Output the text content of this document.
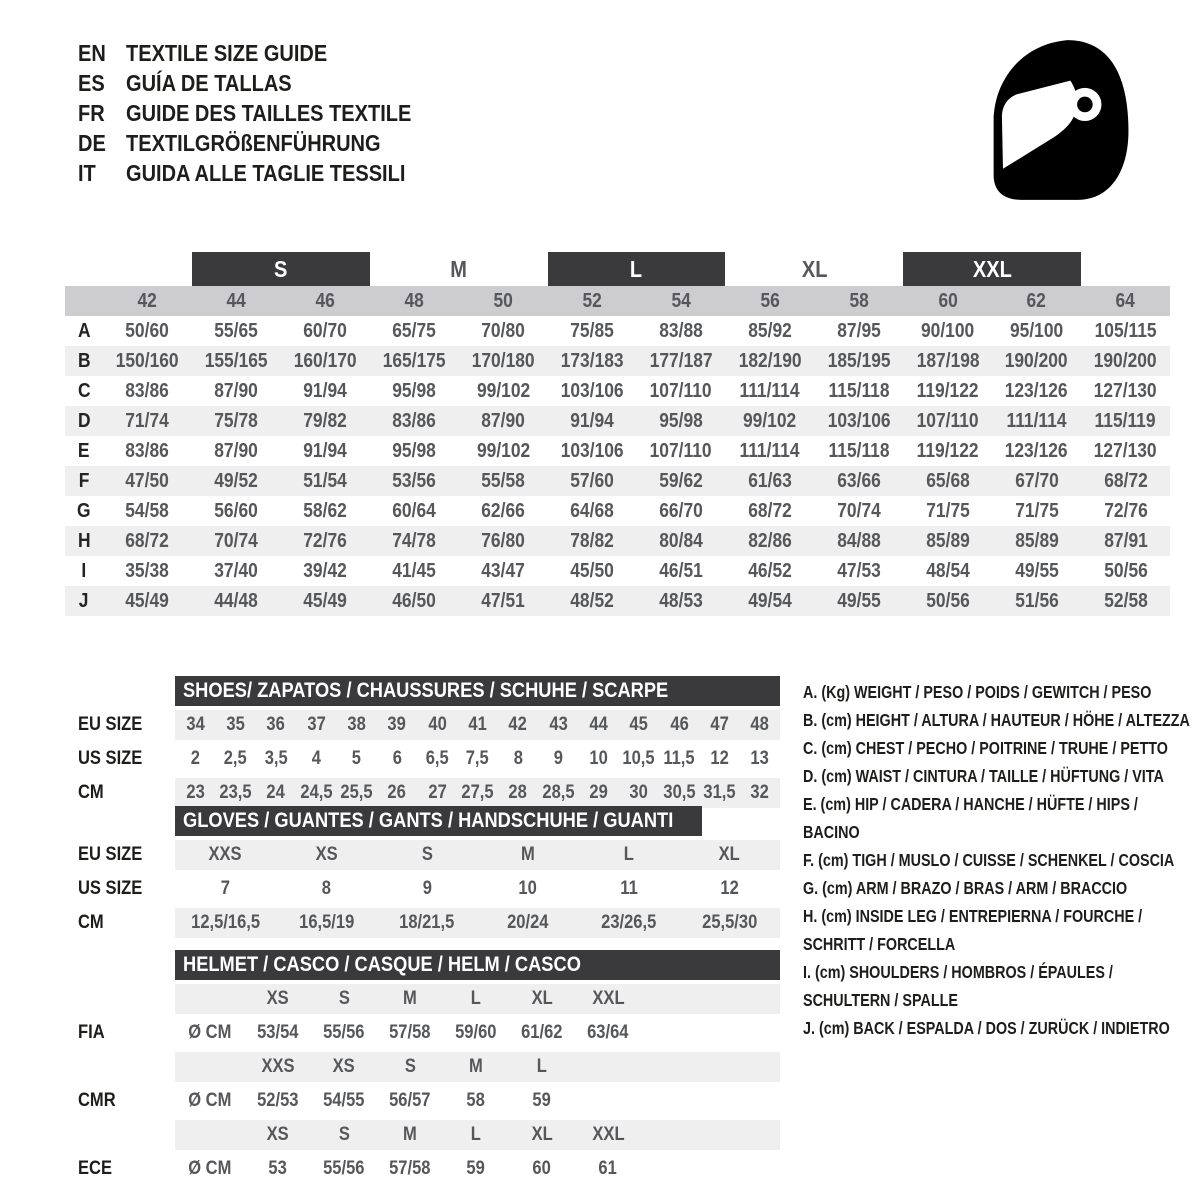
EN TEXTILE SIZE GUIDE
ES GUÍA DE TALLAS
FR GUIDE DES TAILLES TEXTILE
DE TEXTILGRÖßENFÜHRUNG
IT	GUIDA ALLE TAGLIE TESSILI
S	M	L	XL	XXL
42	44	46	48	50	52	54	56	58	60	62	64
A 50/60 55/65 60/70 65/75 70/80 75/85 83/88 85/92 87/95 90/100 95/100 105/115
B 150/160 155/165 160/170 165/175 170/180 173/183 177/187 182/190 185/195 187/198 190/200 190/200
C 83/86 87/90 91/94 95/98 99/102 103/106 107/110 111/114 115/118 119/122 123/126 127/130
D 71/74 75/78 79/82 83/86 87/90 91/94 95/98 99/102 103/106 107/110 111/114 115/119
E 83/86 87/90 91/94 95/98 99/102 103/106 107/110 111/114 115/118 119/122 123/126 127/130
F 47/50 49/52 51/54 53/56 55/58 57/60 59/62 61/63 63/66 65/68 67/70 68/72
G 54/58 56/60 58/62 60/64 62/66 64/68 66/70 68/72 70/74 71/75 71/75 72/76
H 68/72 70/74 72/76 74/78 76/80 78/82 80/84 82/86 84/88 85/89 85/89 87/91
I 35/38 37/40 39/42 41/45 43/47 45/50 46/51 46/52 47/53 48/54 49/55 50/56
J 45/49 44/48 45/49 46/50 47/51 48/52 48/53 49/54 49/55 50/56 51/56 52/58
SHOES/ ZAPATOS / CHAUSSURES / SCHUHE / SCARPE
EU SIZE 34 35 36 37 38 39 40 41 42 43 44 45 46 47 48
US SIZE	2 2,5 3,5 4 5 6 6,5 7,5 8 9 10 10,5 11,5 12 13
CM	23 23,5 24 24,5 25,5 26 27 27,5 28 28,5 29 30 30,5 31,5 32
GLOVES / GUANTES / GANTS / HANDSCHUHE / GUANTI
EU SIZE	XXS	XS	S	M	L	XL
US SIZE	7	8	9	10	11	12
CM	12,5/16,5 16,5/19 18/21,5	20/24	23/26,5 25,5/30
HELMET / CASCO / CASQUE / HELM / CASCO
XS	S	M	L	XL XXL
FIA	Ø CM 53/54 55/56 57/58 59/60 61/62 63/64
XXS XS	S	M	L
CMR	Ø CM 52/53 54/55 56/57 58	59
XS	S	M	L	XL XXL
ECE	Ø CM 53 55/56 57/58 59	60	61
A. (Kg) WEIGHT / PESO / POIDS / GEWITCH / PESO
B. (cm) HEIGHT / ALTURA / HAUTEUR / HÖHE / ALTEZZA
C. (cm) CHEST / PECHO / POITRINE / TRUHE / PETTO
D. (cm) WAIST / CINTURA / TAILLE / HÜFTUNG / VITA
E. (cm) HIP / CADERA / HANCHE / HÜFTE / HIPS / BACINO
F. (cm) TIGH / MUSLO / CUISSE / SCHENKEL / COSCIA
G. (cm) ARM / BRAZO / BRAS / ARM / BRACCIO
H. (cm) INSIDE LEG / ENTREPIERNA / FOURCHE / SCHRITT / FORCELLA
I. (cm) SHOULDERS / HOMBROS / ÉPAULES / SCHULTERN / SPALLE
J. (cm) BACK / ESPALDA / DOS / ZURÜCK / INDIETRO
